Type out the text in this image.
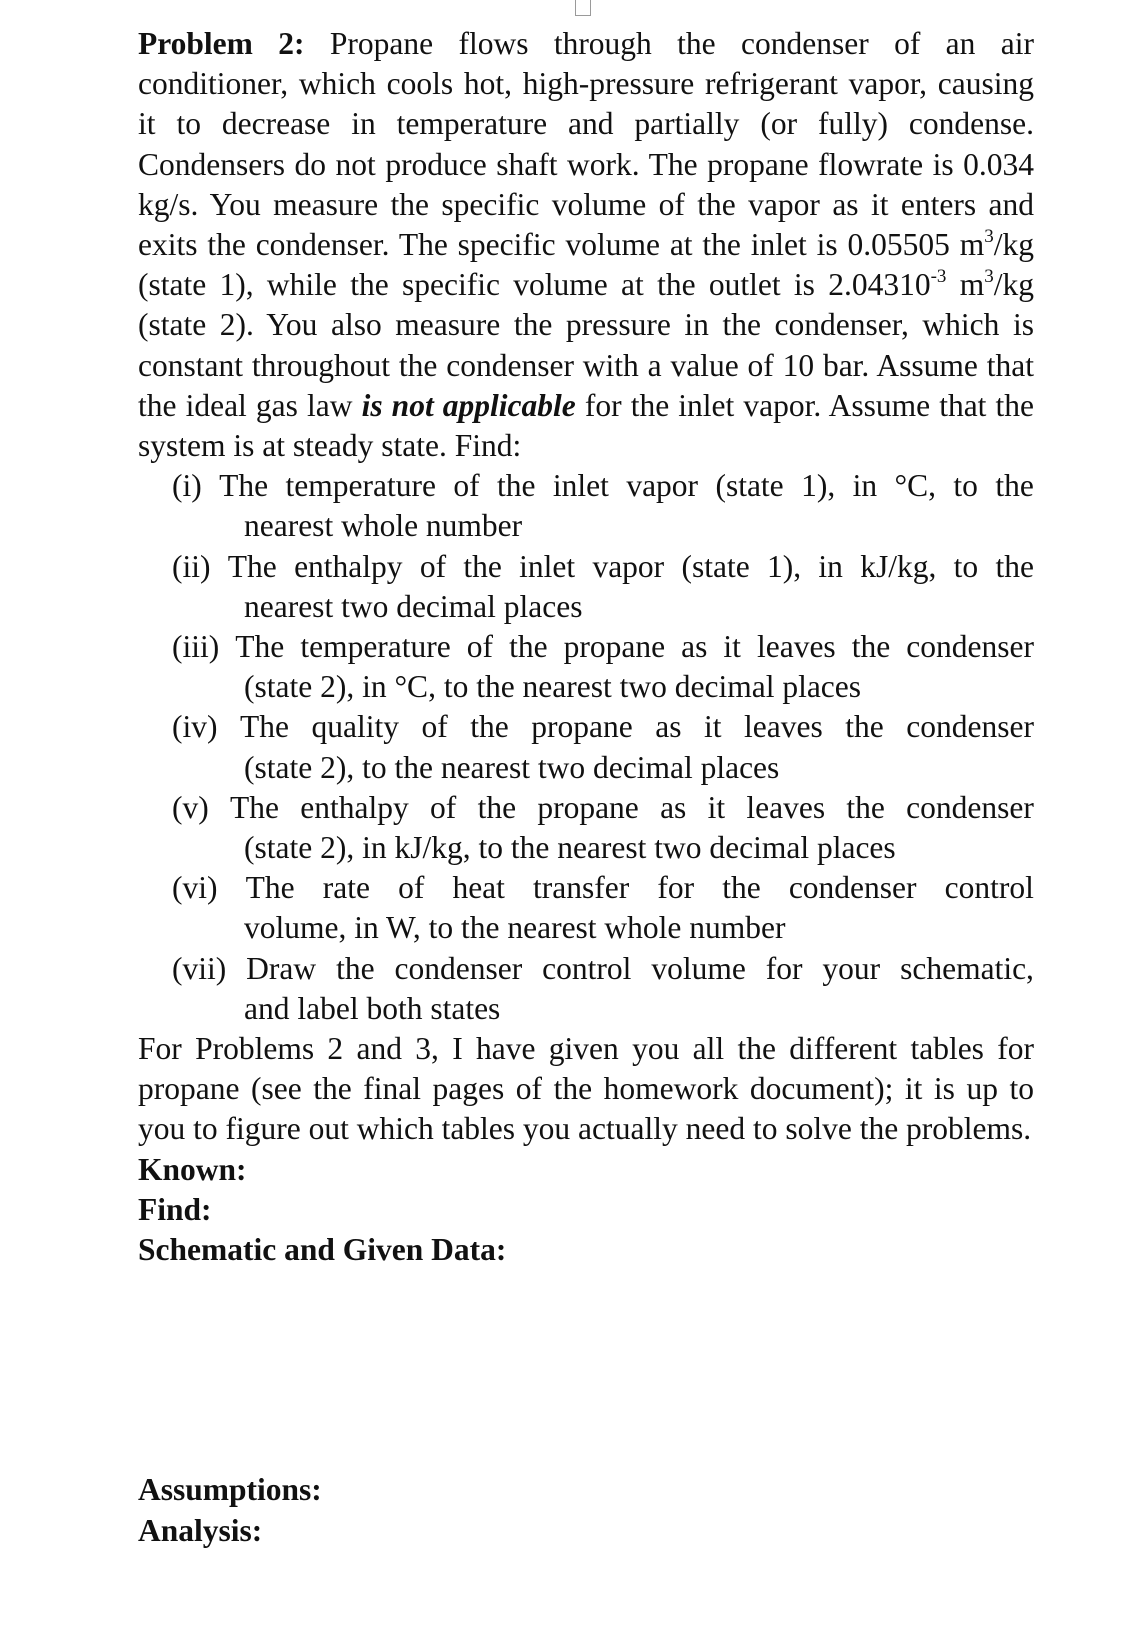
Problem 2: Propane flows through the condenser of an air conditioner, which cools hot, high-pressure refrigerant vapor, causing it to decrease in temperature and partially (or fully) condense. Condensers do not produce shaft work. The propane flowrate is 0.034 kg/s. You measure the specific volume of the vapor as it enters and exits the condenser. The specific volume at the inlet is 0.05505 $m^3/kg$ (state 1), while the specific volume at the outlet is $2.04310^{-3}$ $m^3/kg$ (state 2). You also measure the pressure in the condenser, which is constant throughout the condenser with a value of 10 bar. Assume that the ideal gas law is not applicable for the inlet vapor. Assume that the system is at steady state. Find:

(i) The temperature of the inlet vapor (state 1), in °C, to the
nearest whole number
(ii) The enthalpy of the inlet vapor (state 1), in kJ/kg, to the
nearest two decimal places
(iii) The temperature of the propane as it leaves the condenser
(state 2), in °C, to the nearest two decimal places
(iv) The quality of the propane as it leaves the condenser
(state 2), to the nearest two decimal places
(v) The enthalpy of the propane as it leaves the condenser
(state 2), in kJ/kg, to the nearest two decimal places
(vi) The rate of heat transfer for the condenser control
volume, in W, to the nearest whole number
(vii) Draw the condenser control volume for your schematic,
and label both states

For Problems 2 and 3, I have given you all the different tables for propane (see the final pages of the homework document); it is up to you to figure out which tables you actually need to solve the problems.

Known:

Find:

Schematic and Given Data:

Assumptions:

Analysis:
